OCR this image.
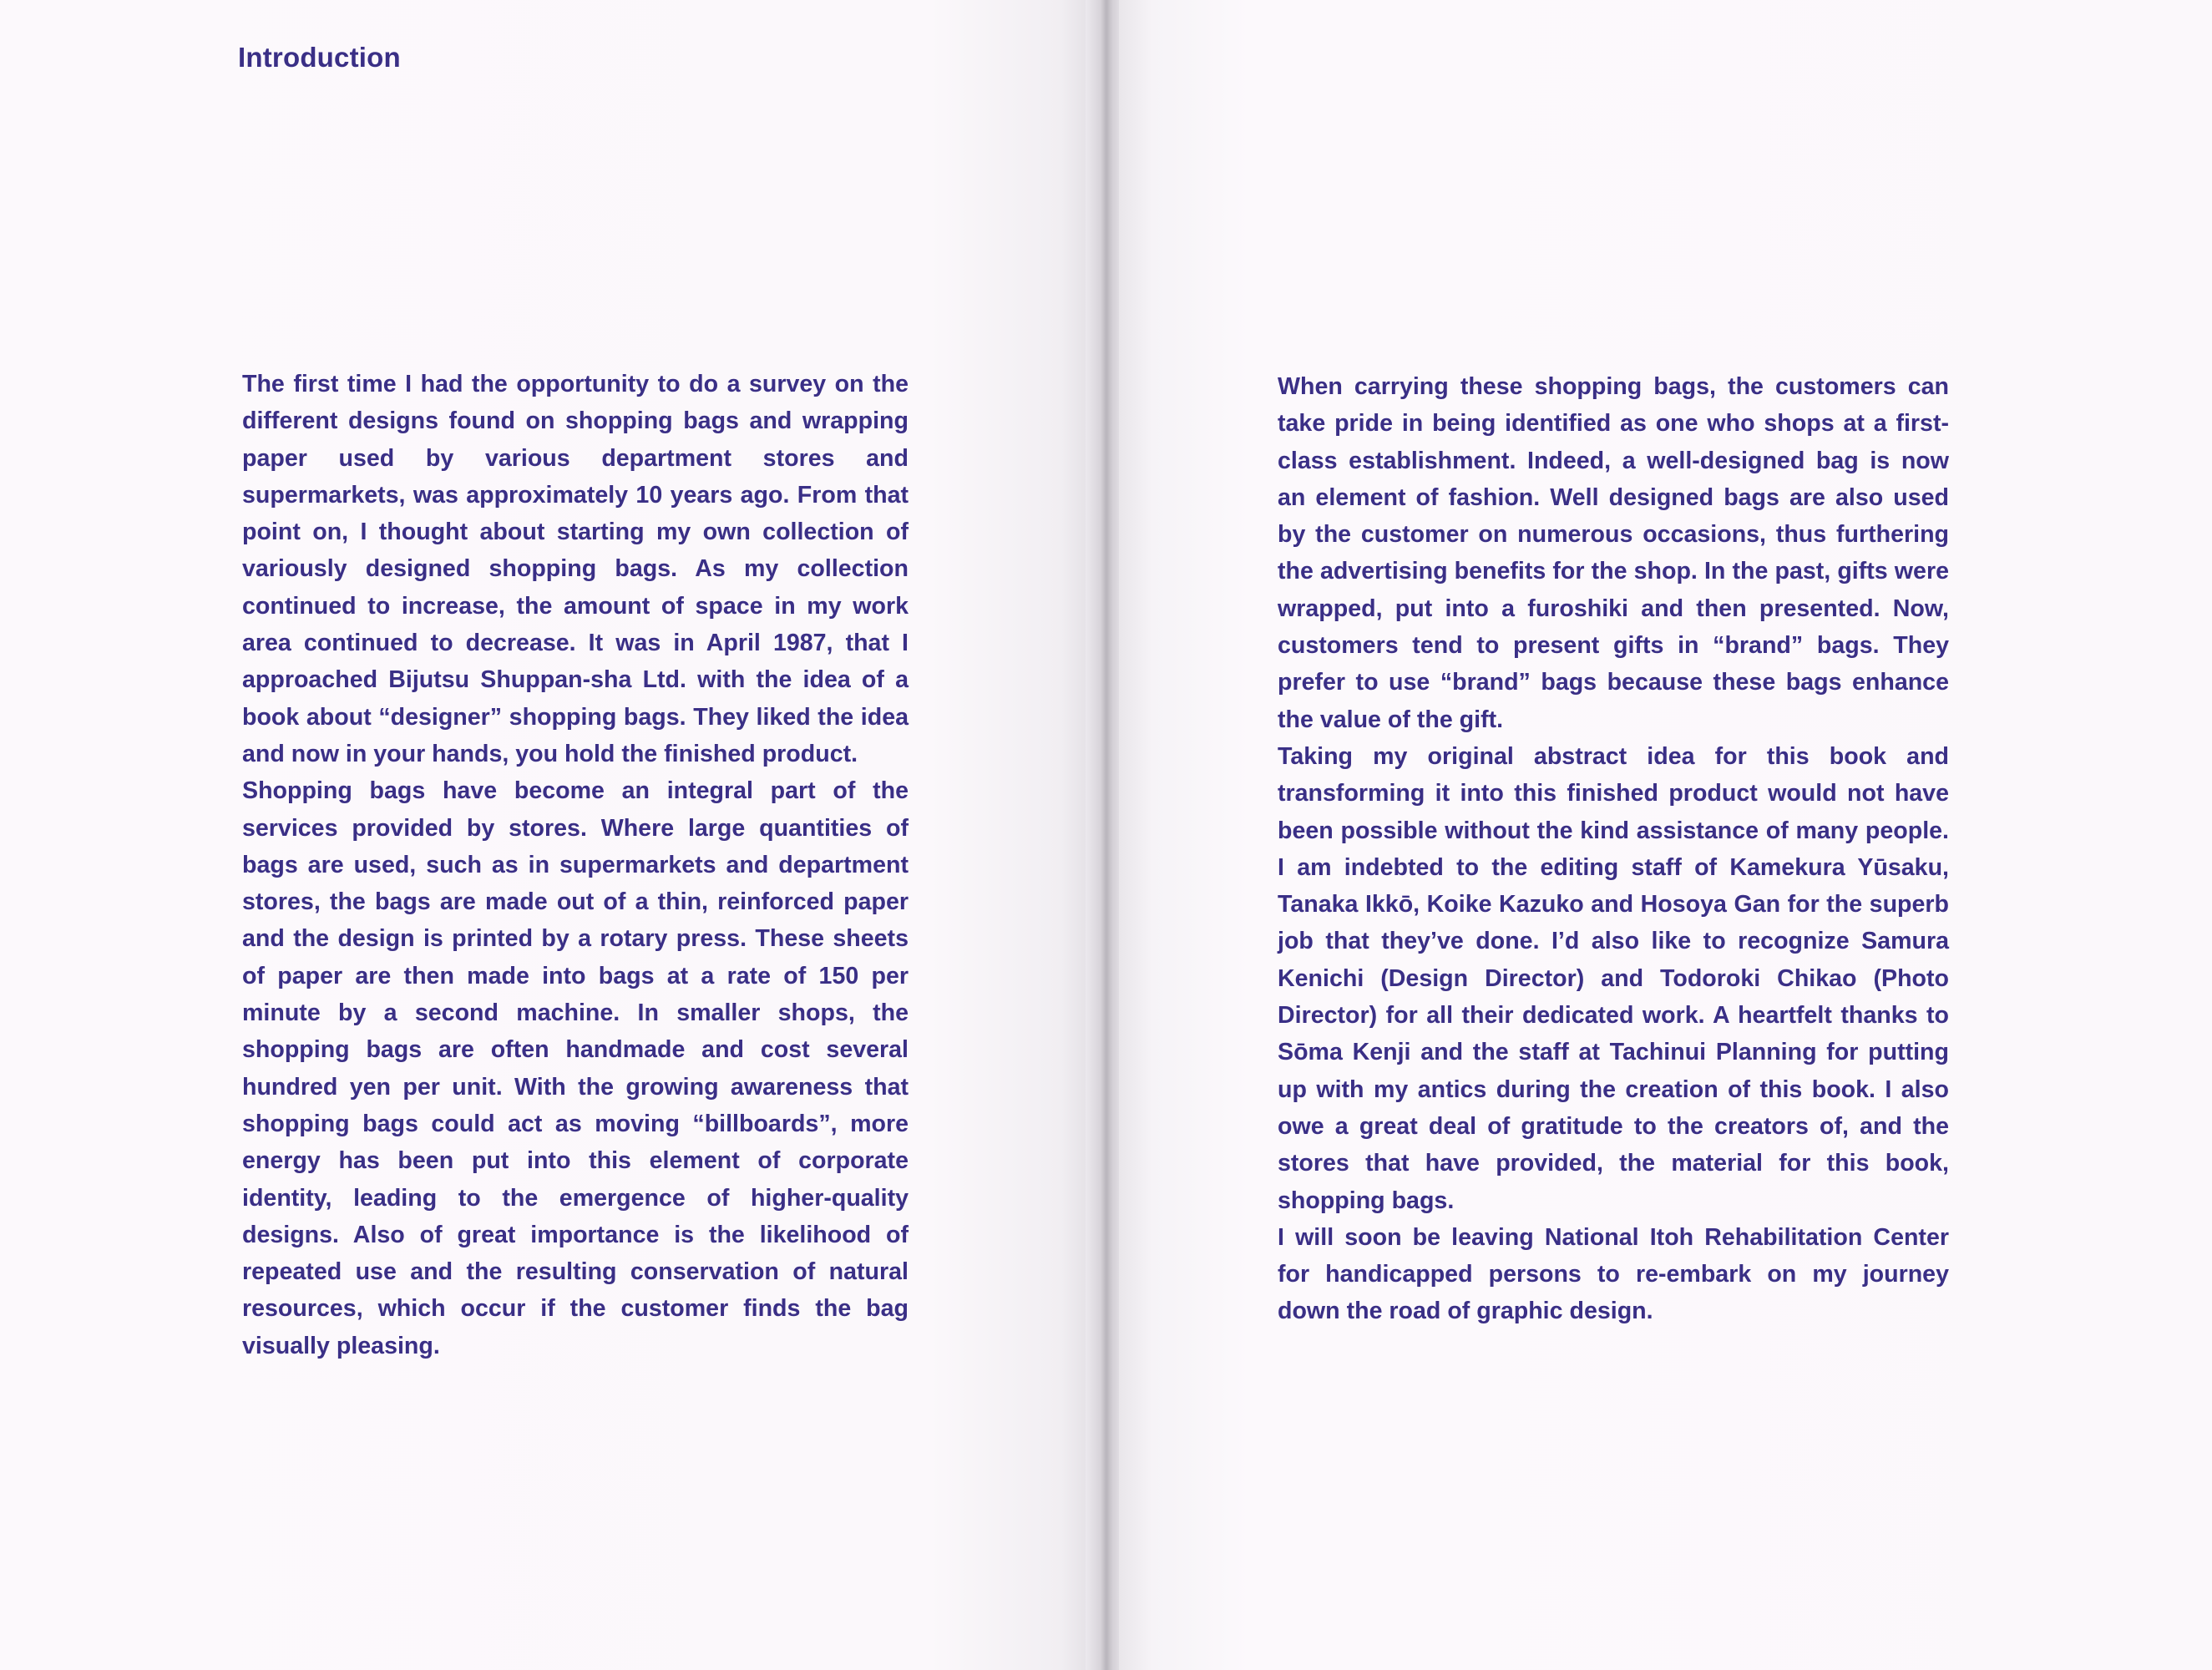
Introduction

The first time I had the opportunity to do a survey on the different designs found on shopping bags and wrapping paper used by various department stores and supermarkets, was approximately 10 years ago. From that point on, I thought about starting my own collection of variously designed shopping bags. As my collection continued to increase, the amount of space in my work area continued to decrease. It was in April 1987, that I approached Bijutsu Shuppan-sha Ltd. with the idea of a book about “designer” shopping bags. They liked the idea and now in your hands, you hold the finished product.

Shopping bags have become an integral part of the services provided by stores. Where large quantities of bags are used, such as in supermarkets and department stores, the bags are made out of a thin, reinforced paper and the design is printed by a rotary press. These sheets of paper are then made into bags at a rate of 150 per minute by a second machine. In smaller shops, the shopping bags are often handmade and cost several hundred yen per unit. With the growing awareness that shopping bags could act as moving “billboards”, more energy has been put into this element of corporate identity, leading to the emergence of higher-quality designs. Also of great importance is the likelihood of repeated use and the resulting conservation of natural resources, which occur if the customer finds the bag visually pleasing.

When carrying these shopping bags, the customers can take pride in being identified as one who shops at a first-class establishment. Indeed, a well-designed bag is now an element of fashion. Well designed bags are also used by the customer on numerous occasions, thus furthering the advertising benefits for the shop. In the past, gifts were wrapped, put into a furoshiki and then presented. Now, customers tend to present gifts in “brand” bags. They prefer to use “brand” bags because these bags enhance the value of the gift.

Taking my original abstract idea for this book and transforming it into this finished product would not have been possible without the kind assistance of many people. I am indebted to the editing staff of Kamekura Yūsaku, Tanaka Ikkō, Koike Kazuko and Hosoya Gan for the superb job that they’ve done. I’d also like to recognize Samura Kenichi (Design Director) and Todoroki Chikao (Photo Director) for all their dedicated work. A heartfelt thanks to Sōma Kenji and the staff at Tachinui Planning for putting up with my antics during the creation of this book. I also owe a great deal of gratitude to the creators of, and the stores that have provided, the material for this book, shopping bags.

I will soon be leaving National Itoh Rehabilitation Center for handicapped persons to re-embark on my journey down the road of graphic design.
